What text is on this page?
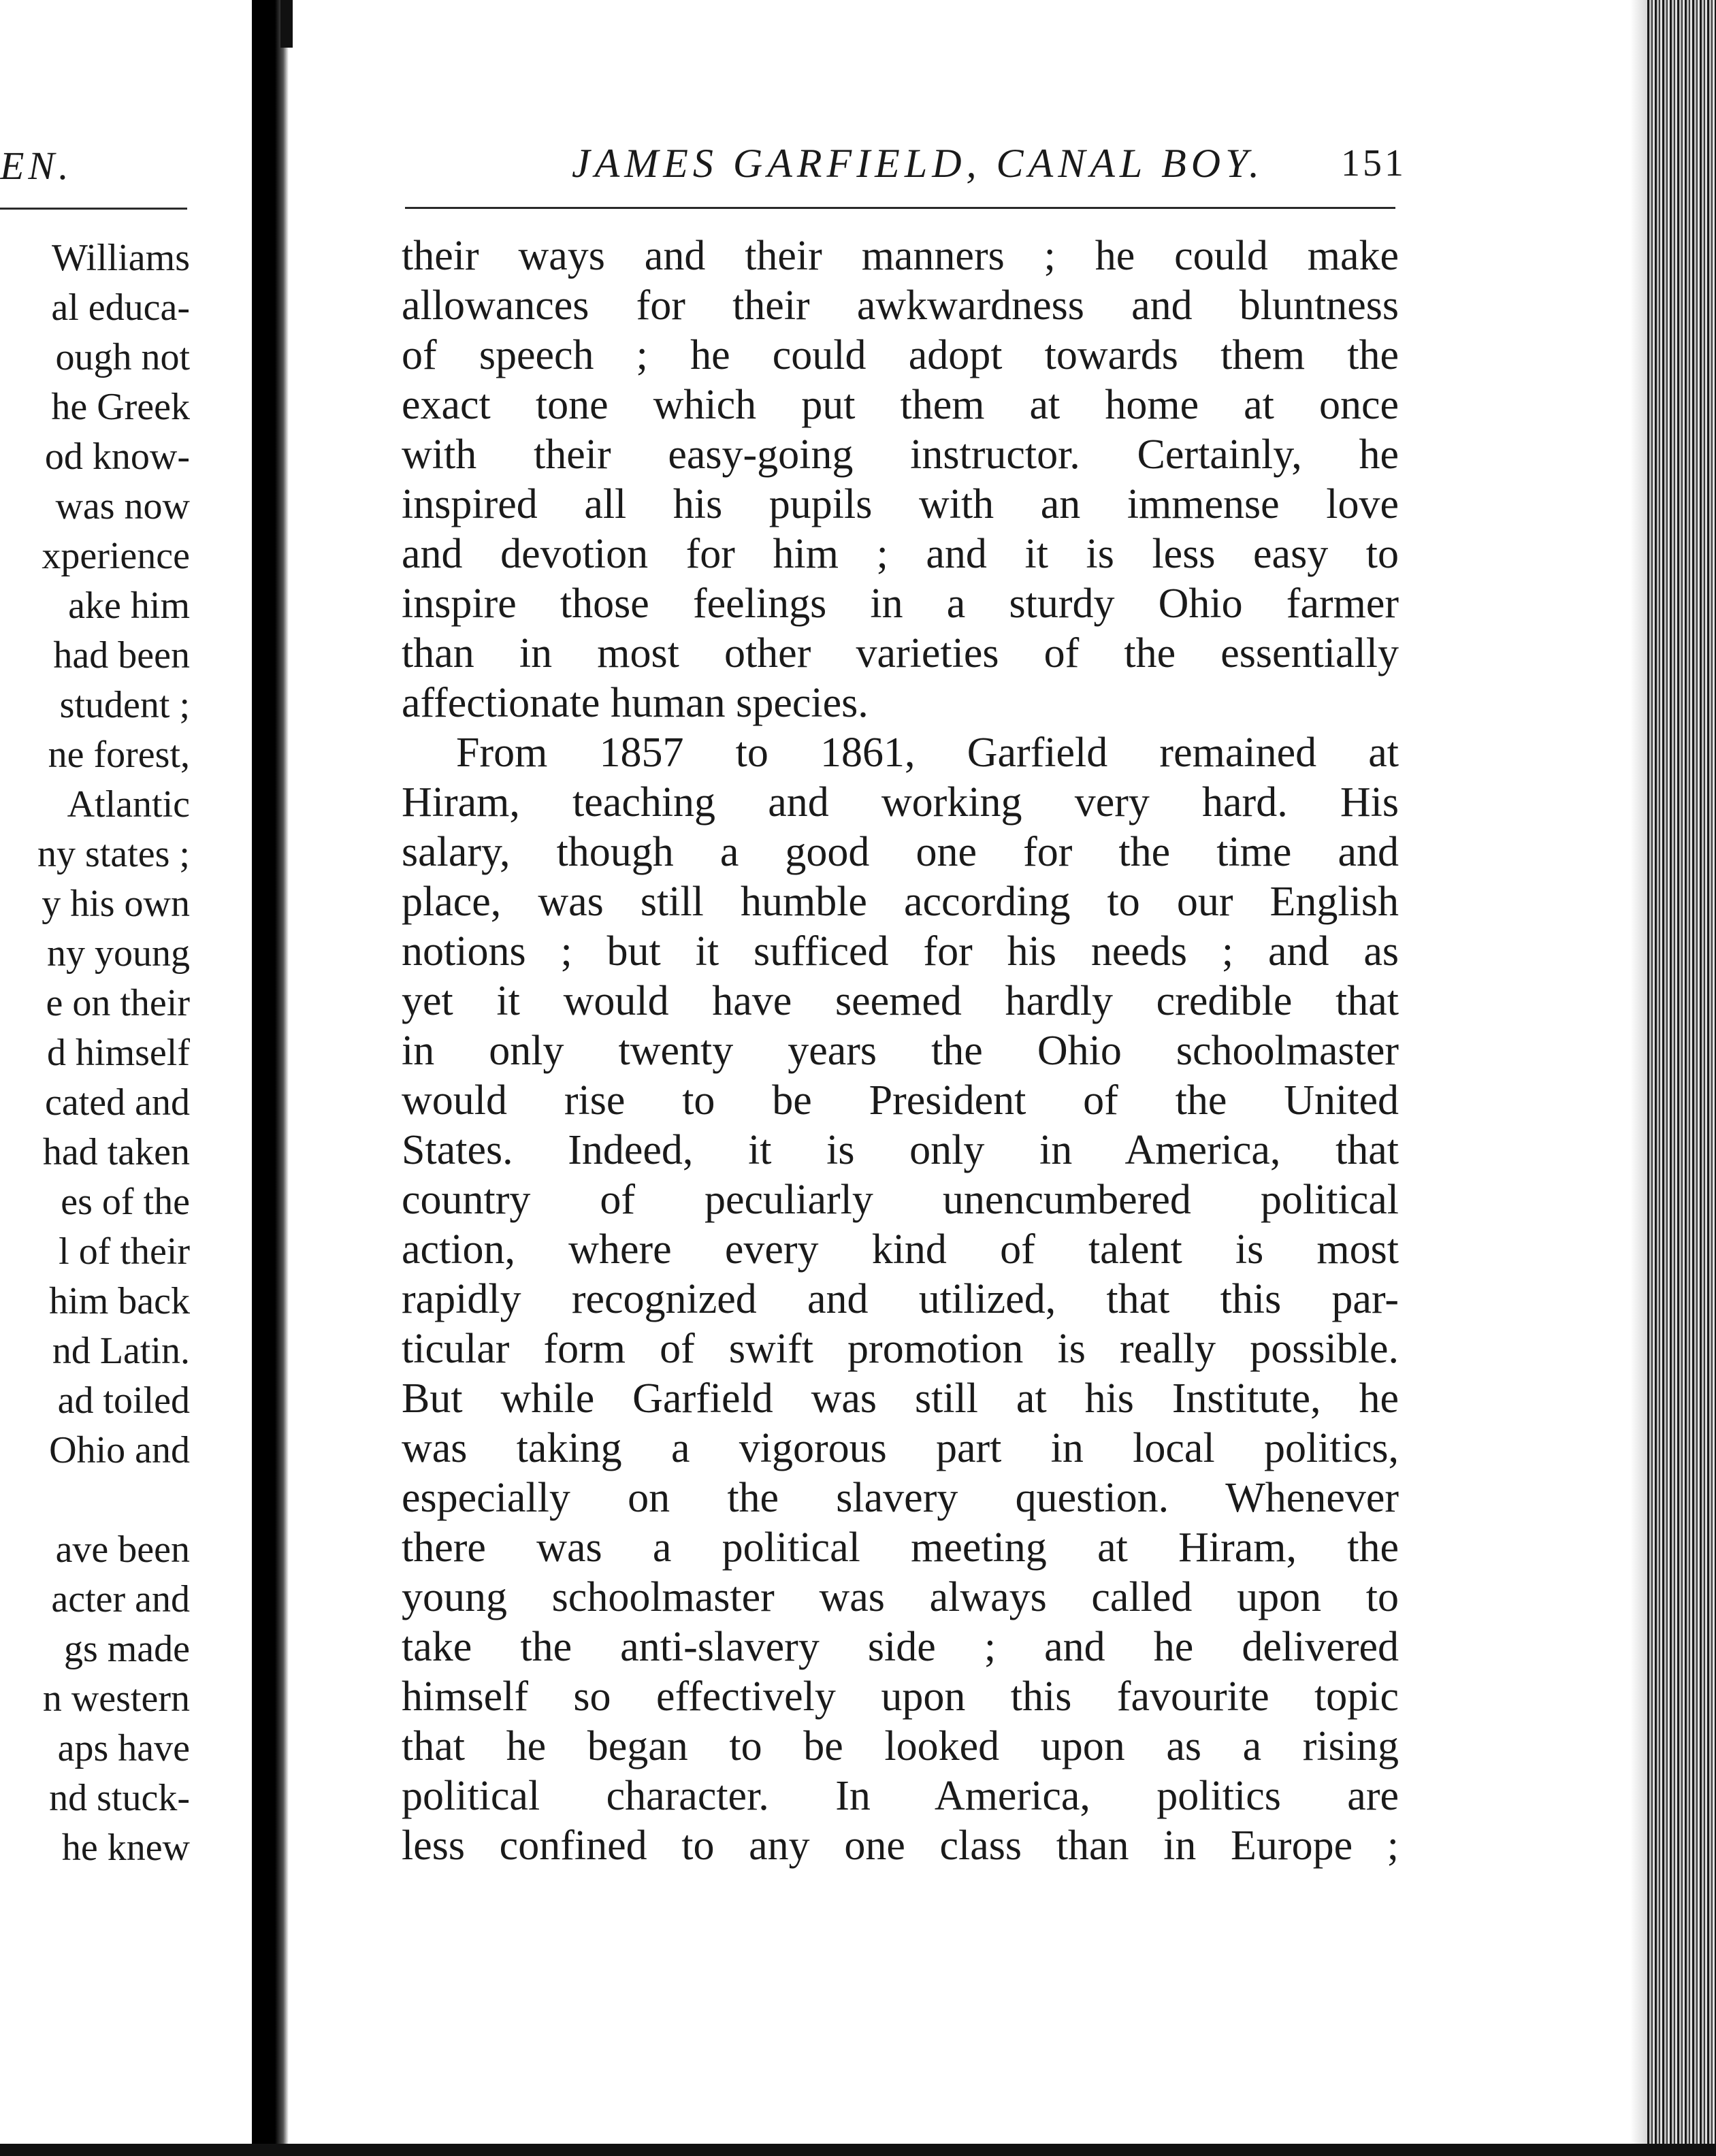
EN.
Williams
al educa-
ough not
he Greek
od know-
was now
xperience
ake him
had been
student ;
ne forest,
Atlantic
ny states ;
y his own
ny young
e on their
d himself
cated and
had taken
es of the
l of their
him back
nd Latin.
ad toiled
Ohio and
ave been
acter and
gs made
n western
aps have
nd stuck-
he knew
JAMES GARFIELD, CANAL BOY. 151
their ways and their manners ; he could make
allowances for their awkwardness and bluntness
of speech ; he could adopt towards them the
exact tone which put them at home at once
with their easy-going instructor. Certainly, he
inspired all his pupils with an immense love
and devotion for him ; and it is less easy to
inspire those feelings in a sturdy Ohio farmer
than in most other varieties of the essentially
affectionate human species.
From 1857 to 1861, Garfield remained at
Hiram, teaching and working very hard. His
salary, though a good one for the time and
place, was still humble according to our English
notions ; but it sufficed for his needs ; and as
yet it would have seemed hardly credible that
in only twenty years the Ohio schoolmaster
would rise to be President of the United
States. Indeed, it is only in America, that
country of peculiarly unencumbered political
action, where every kind of talent is most
rapidly recognized and utilized, that this par-
ticular form of swift promotion is really possible.
But while Garfield was still at his Institute, he
was taking a vigorous part in local politics,
especially on the slavery question. Whenever
there was a political meeting at Hiram, the
young schoolmaster was always called upon to
take the anti-slavery side ; and he delivered
himself so effectively upon this favourite topic
that he began to be looked upon as a rising
political character. In America, politics are
less confined to any one class than in Europe ;
